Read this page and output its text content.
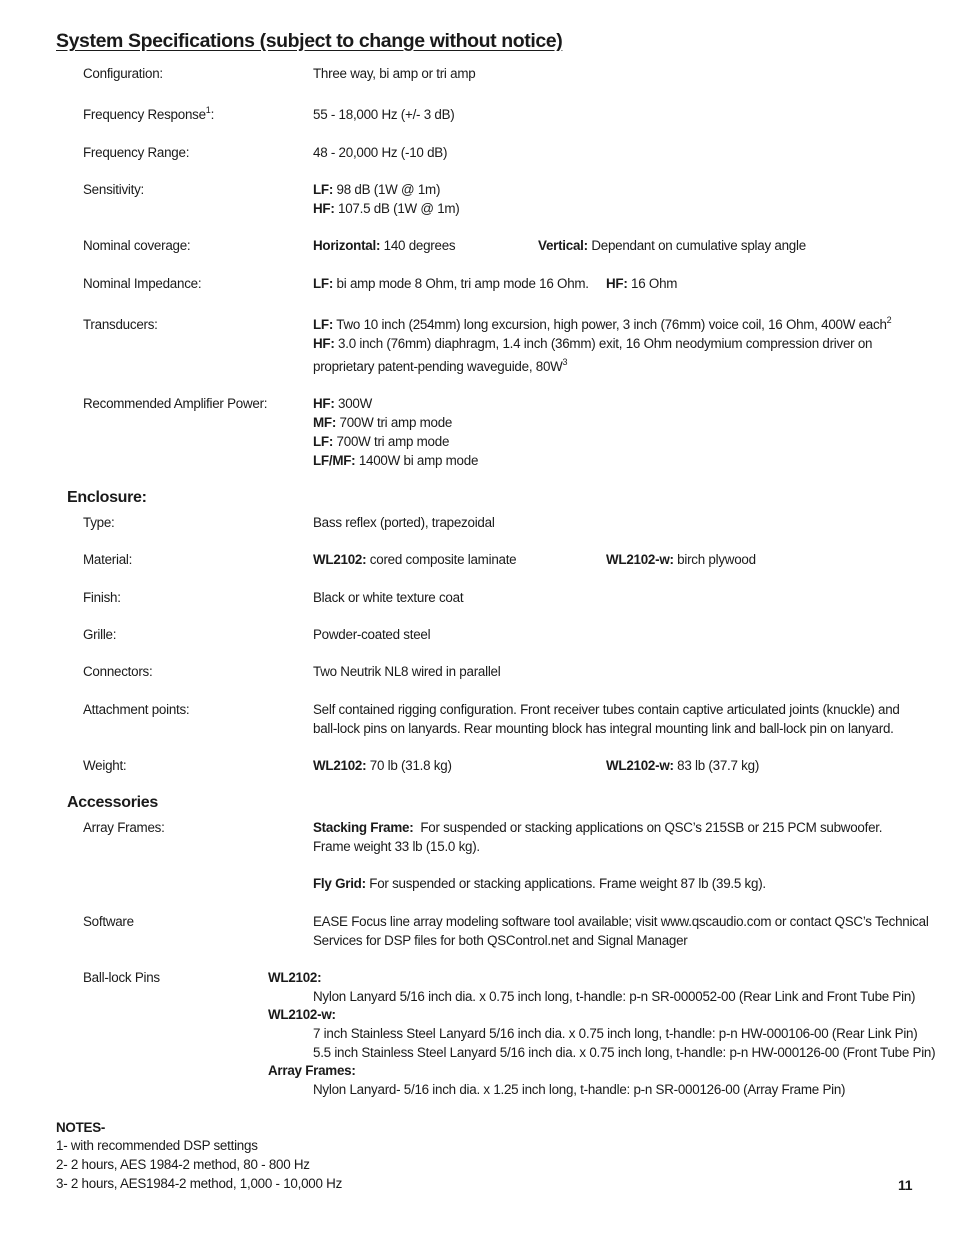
System Specifications (subject to change without notice)
Configuration:	Three way, bi amp or tri amp
Frequency Response$^1$:	55 - 18,000 Hz (+/- 3 dB)
Frequency Range:	48 - 20,000 Hz (-10 dB)
Sensitivity:	LF: 98 dB (1W @ 1m)
HF: 107.5 dB (1W @ 1m)
Nominal coverage:	Horizontal: 140 degrees	Vertical: Dependant on cumulative splay angle
Nominal Impedance:	LF: bi amp mode 8 Ohm, tri amp mode 16 Ohm. HF: 16 Ohm
Transducers:	LF: Two 10 inch (254mm) long excursion, high power, 3 inch (76mm) voice coil, 16 Ohm, 400W each$^2$
HF: 3.0 inch (76mm) diaphragm, 1.4 inch (36mm) exit, 16 Ohm neodymium compression driver on
proprietary patent-pending waveguide, $80W^3$
Recommended Amplifier Power:	HF: 300W
MF: 700W tri amp mode
LF: 700W tri amp mode
LF/MF: 1400W bi amp mode
Enclosure:
Type:	Bass reflex (ported), trapezoidal
Material:	WL2102: cored composite laminate	WL2102-w: birch plywood
Finish:	Black or white texture coat
Grille:	Powder-coated steel
Connectors:	Two Neutrik NL8 wired in parallel
Attachment points:	Self contained rigging configuration. Front receiver tubes contain captive articulated joints (knuckle) and
ball-lock pins on lanyards. Rear mounting block has integral mounting link and ball-lock pin on lanyard.
Weight:	WL2102: 70 lb (31.8 kg)	WL2102-w: 83 lb (37.7 kg)
Accessories
Array Frames:	Stacking Frame:  For suspended or stacking applications on QSC’s 215SB or 215 PCM subwoofer.
Frame weight 33 lb (15.0 kg).
Fly Grid: For suspended or stacking applications. Frame weight 87 lb (39.5 kg).
Software	EASE Focus line array modeling software tool available; visit www.qscaudio.com or contact QSC’s Technical
Services for DSP files for both QSControl.net and Signal Manager
Ball-lock Pins	WL2102:
Nylon Lanyard 5/16 inch dia. x 0.75 inch long, t-handle: p-n SR-000052-00 (Rear Link and Front Tube Pin)
WL2102-w:
7 inch Stainless Steel Lanyard 5/16 inch dia. x 0.75 inch long, t-handle: p-n HW-000106-00 (Rear Link Pin)
5.5 inch Stainless Steel Lanyard 5/16 inch dia. x 0.75 inch long, t-handle: p-n HW-000126-00 (Front Tube Pin)
Array Frames:
Nylon Lanyard- 5/16 inch dia. x 1.25 inch long, t-handle: p-n SR-000126-00 (Array Frame Pin)
NOTES-
1- with recommended DSP settings
2- 2 hours, AES 1984-2 method, 80 - 800 Hz
3- 2 hours, AES1984-2 method, 1,000 - 10,000 Hz	11
